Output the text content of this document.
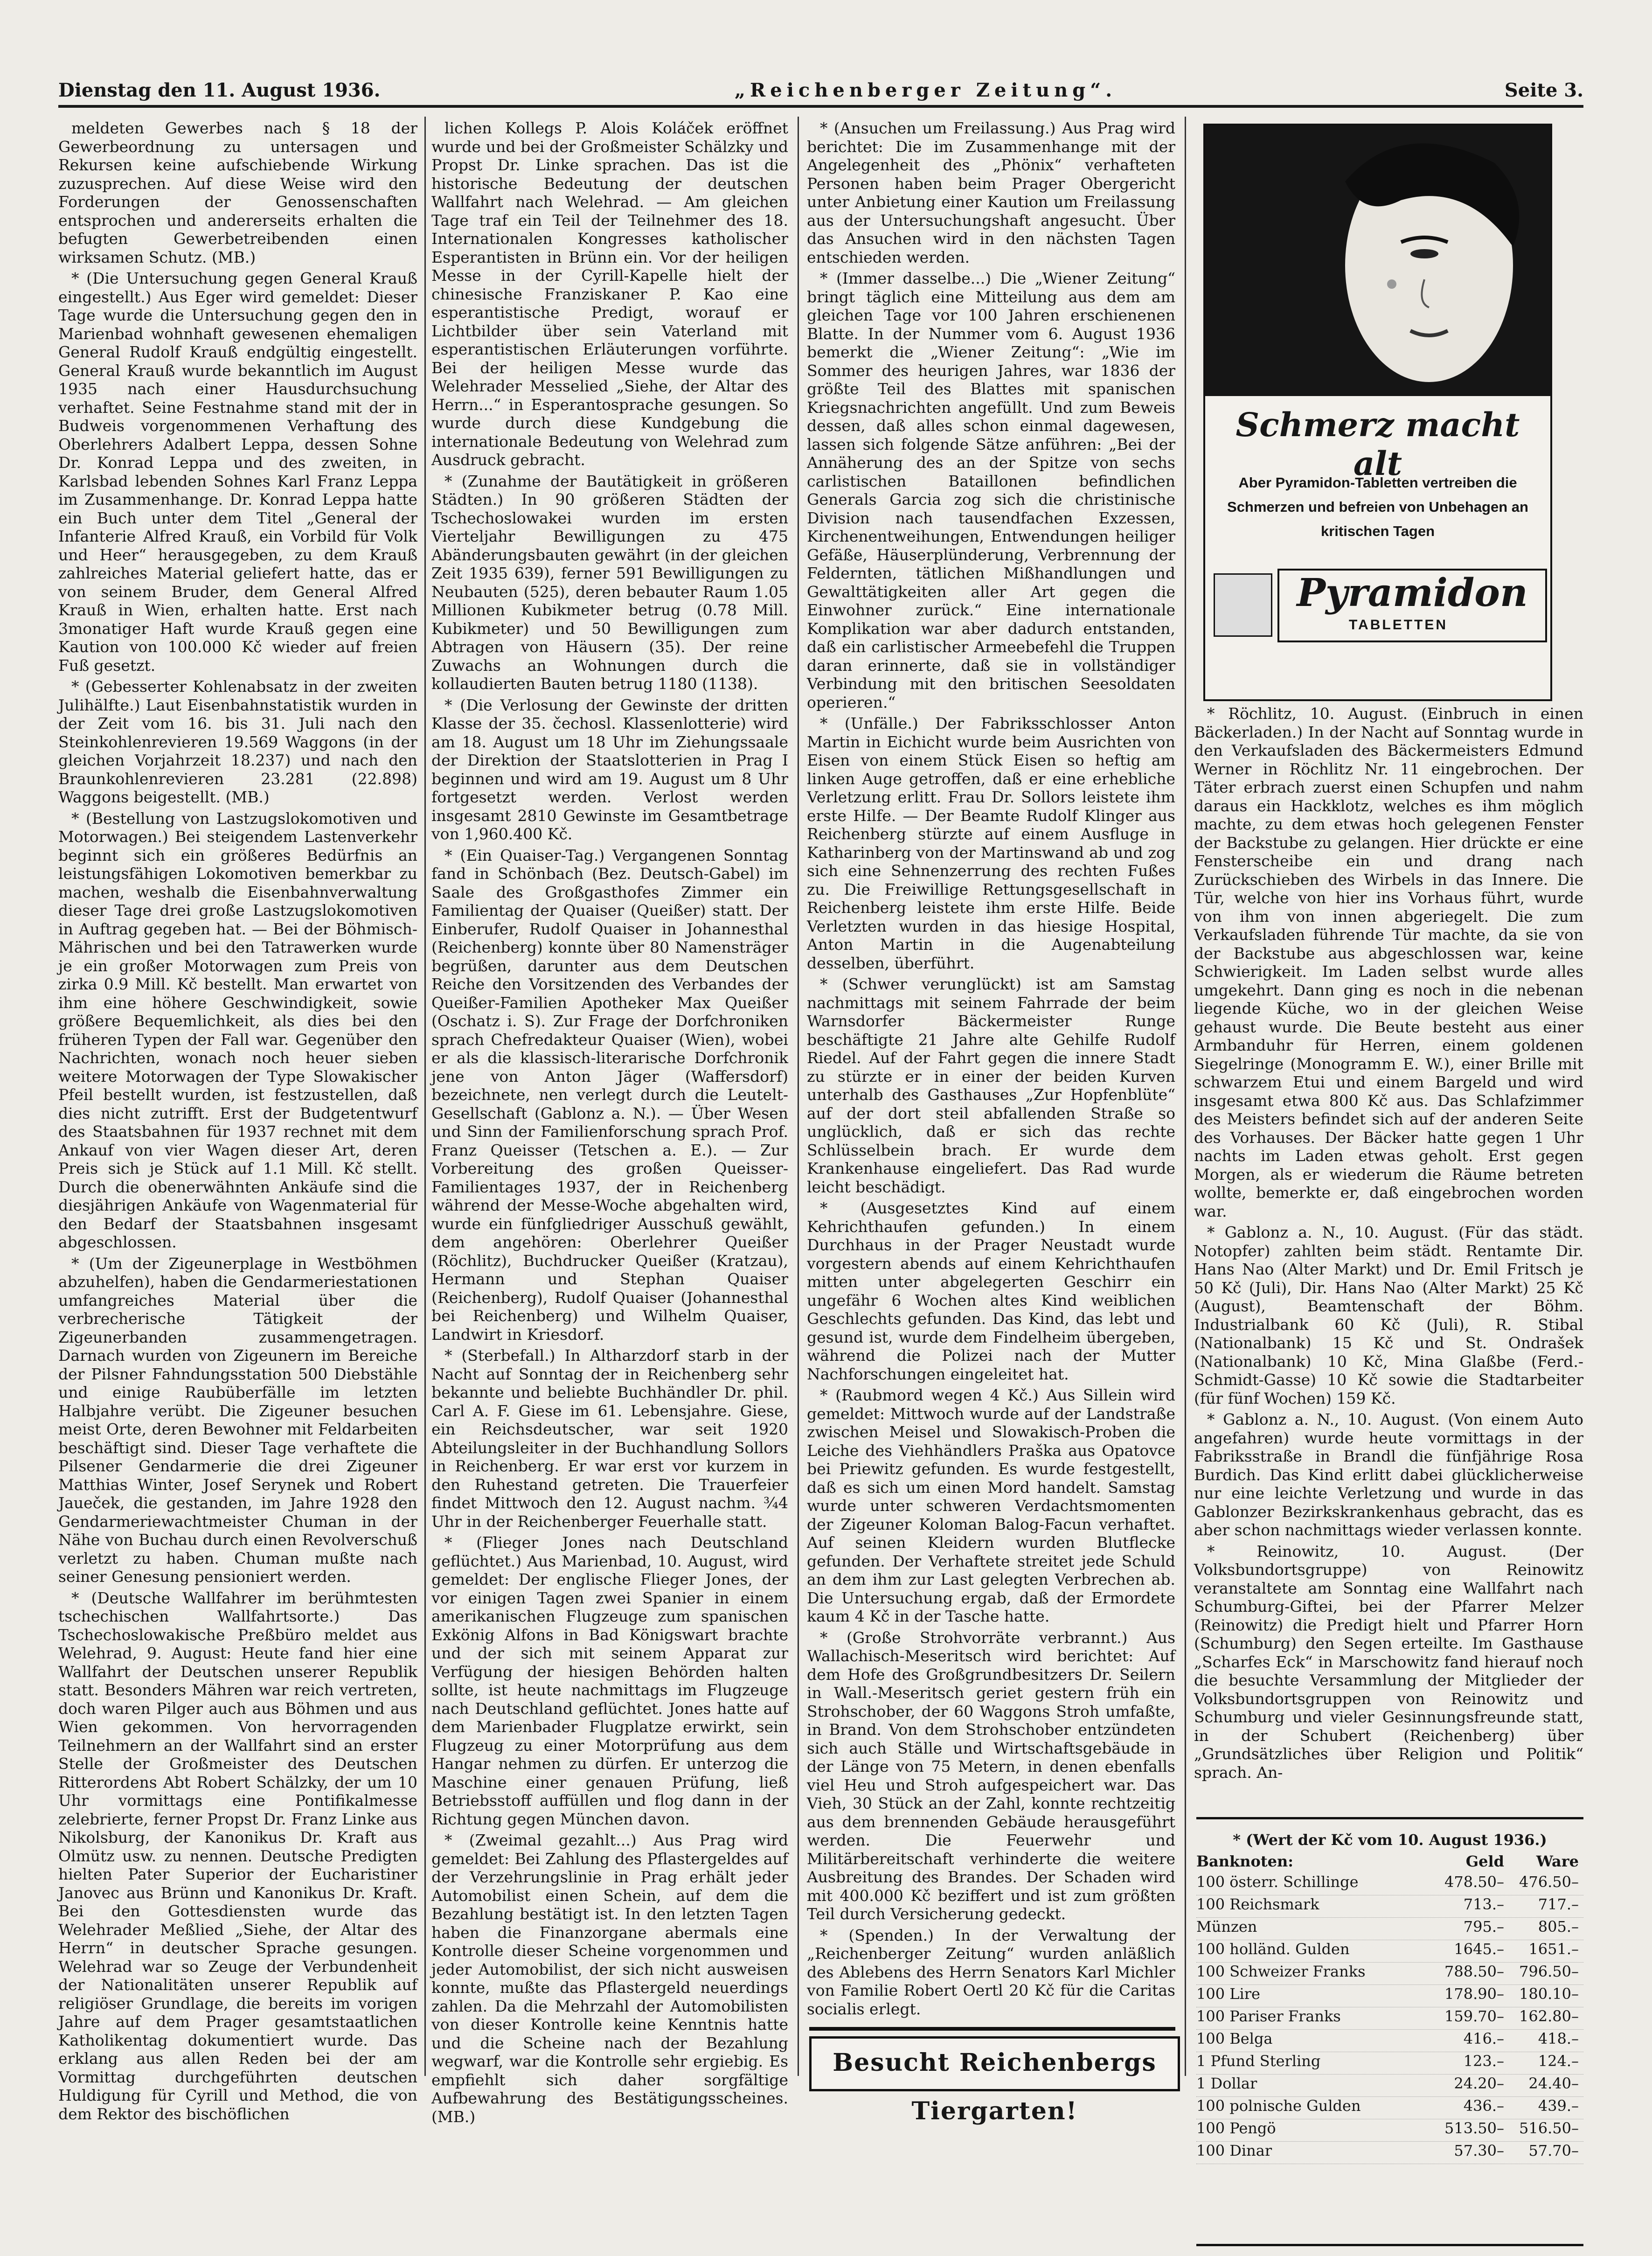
Dienstag den 11. August 1936.	„Reichenberger Zeitung“.	Seite 3.

meldeten Gewerbes nach § 18 der Gewerbeordnung zu untersagen und Rekursen keine aufschiebende Wirkung zuzusprechen. Auf diese Weise wird den Forderungen der Genossenschaften entsprochen und andererseits erhalten die befugten Gewerbetreibenden einen wirksamen Schutz. (MB.)

* (Die Untersuchung gegen General Krauß eingestellt.) Aus Eger wird gemeldet: Dieser Tage wurde die Untersuchung gegen den in Marienbad wohnhaft gewesenen ehemaligen General Rudolf Krauß endgültig eingestellt. General Krauß wurde bekanntlich im August 1935 nach einer Hausdurchsuchung verhaftet. Seine Festnahme stand mit der in Budweis vorgenommenen Verhaftung des Oberlehrers Adalbert Leppa, dessen Sohne Dr. Konrad Leppa und des zweiten, in Karlsbad lebenden Sohnes Karl Franz Leppa im Zusammenhange. Dr. Konrad Leppa hatte ein Buch unter dem Titel „General der Infanterie Alfred Krauß, ein Vorbild für Volk und Heer“ herausgegeben, zu dem Krauß zahlreiches Material geliefert hatte, das er von seinem Bruder, dem General Alfred Krauß in Wien, erhalten hatte. Erst nach 3monatiger Haft wurde Krauß gegen eine Kaution von 100.000 Kč wieder auf freien Fuß gesetzt.

* (Gebesserter Kohlenabsatz in der zweiten Julihälfte.) Laut Eisenbahnstatistik wurden in der Zeit vom 16. bis 31. Juli nach den Steinkohlenrevieren 19.569 Waggons (in der gleichen Vorjahrzeit 18.237) und nach den Braunkohlenrevieren 23.281 (22.898) Waggons beigestellt. (MB.)

* (Bestellung von Lastzugslokomotiven und Motorwagen.) Bei steigendem Lastenverkehr beginnt sich ein größeres Bedürfnis an leistungsfähigen Lokomotiven bemerkbar zu machen, weshalb die Eisenbahnverwaltung dieser Tage drei große Lastzugslokomotiven in Auftrag gegeben hat. — Bei der Böhmisch-Mährischen und bei den Tatrawerken wurde je ein großer Motorwagen zum Preis von zirka 0.9 Mill. Kč bestellt. Man erwartet von ihm eine höhere Geschwindigkeit, sowie größere Bequemlichkeit, als dies bei den früheren Typen der Fall war. Gegenüber den Nachrichten, wonach noch heuer sieben weitere Motorwagen der Type Slowakischer Pfeil bestellt wurden, ist festzustellen, daß dies nicht zutrifft. Erst der Budgetentwurf des Staatsbahnen für 1937 rechnet mit dem Ankauf von vier Wagen dieser Art, deren Preis sich je Stück auf 1.1 Mill. Kč stellt. Durch die obenerwähnten Ankäufe sind die diesjährigen Ankäufe von Wagenmaterial für den Bedarf der Staatsbahnen insgesamt abgeschlossen.

* (Um der Zigeunerplage in Westböhmen abzuhelfen), haben die Gendarmeriestationen umfangreiches Material über die verbrecherische Tätigkeit der Zigeunerbanden zusammengetragen. Darnach wurden von Zigeunern im Bereiche der Pilsner Fahndungsstation 500 Diebstähle und einige Raubüberfälle im letzten Halbjahre verübt. Die Zigeuner besuchen meist Orte, deren Bewohner mit Feldarbeiten beschäftigt sind. Dieser Tage verhaftete die Pilsener Gendarmerie die drei Zigeuner Matthias Winter, Josef Serynek und Robert Jaueček, die gestanden, im Jahre 1928 den Gendarmeriewachtmeister Chuman in der Nähe von Buchau durch einen Revolverschuß verletzt zu haben. Chuman mußte nach seiner Genesung pensioniert werden.

* (Deutsche Wallfahrer im berühmtesten tschechischen Wallfahrtsorte.) Das Tschechoslowakische Preßbüro meldet aus Welehrad, 9. August: Heute fand hier eine Wallfahrt der Deutschen unserer Republik statt. Besonders Mähren war reich vertreten, doch waren Pilger auch aus Böhmen und aus Wien gekommen. Von hervorragenden Teilnehmern an der Wallfahrt sind an erster Stelle der Großmeister des Deutschen Ritterordens Abt Robert Schälzky, der um 10 Uhr vormittags eine Pontifikalmesse zelebrierte, ferner Propst Dr. Franz Linke aus Nikolsburg, der Kanonikus Dr. Kraft aus Olmütz usw. zu nennen. Deutsche Predigten hielten Pater Superior der Eucharistiner Janovec aus Brünn und Kanonikus Dr. Kraft. Bei den Gottesdiensten wurde das Welehrader Meßlied „Siehe, der Altar des Herrn“ in deutscher Sprache gesungen. Welehrad war so Zeuge der Verbundenheit der Nationalitäten unserer Republik auf religiöser Grundlage, die bereits im vorigen Jahre auf dem Prager gesamtstaatlichen Katholikentag dokumentiert wurde. Das erklang aus allen Reden bei der am Vormittag durchgeführten deutschen Huldigung für Cyrill und Method, die von dem Rektor des bischöflichen

lichen Kollegs P. Alois Koláček eröffnet wurde und bei der Großmeister Schälzky und Propst Dr. Linke sprachen. Das ist die historische Bedeutung der deutschen Wallfahrt nach Welehrad. — Am gleichen Tage traf ein Teil der Teilnehmer des 18. Internationalen Kongresses katholischer Esperantisten in Brünn ein. Vor der heiligen Messe in der Cyrill-Kapelle hielt der chinesische Franziskaner P. Kao eine esperantistische Predigt, worauf er Lichtbilder über sein Vaterland mit esperantistischen Erläuterungen vorführte. Bei der heiligen Messe wurde das Welehrader Messelied „Siehe, der Altar des Herrn...“ in Esperantosprache gesungen. So wurde durch diese Kundgebung die internationale Bedeutung von Welehrad zum Ausdruck gebracht.

* (Zunahme der Bautätigkeit in größeren Städten.) In 90 größeren Städten der Tschechoslowakei wurden im ersten Vierteljahr Bewilligungen zu 475 Abänderungsbauten gewährt (in der gleichen Zeit 1935 639), ferner 591 Bewilligungen zu Neubauten (525), deren bebauter Raum 1.05 Millionen Kubikmeter betrug (0.78 Mill. Kubikmeter) und 50 Bewilligungen zum Abtragen von Häusern (35). Der reine Zuwachs an Wohnungen durch die kollaudierten Bauten betrug 1180 (1138).

* (Die Verlosung der Gewinste der dritten Klasse der 35. čechosl. Klassenlotterie) wird am 18. August um 18 Uhr im Ziehungssaale der Direktion der Staatslotterien in Prag I beginnen und wird am 19. August um 8 Uhr fortgesetzt werden. Verlost werden insgesamt 2810 Gewinste im Gesamtbetrage von 1,960.400 Kč.

* (Ein Quaiser-Tag.) Vergangenen Sonntag fand in Schönbach (Bez. Deutsch-Gabel) im Saale des Großgasthofes Zimmer ein Familientag der Quaiser (Queißer) statt. Der Einberufer, Rudolf Quaiser in Johannesthal (Reichenberg) konnte über 80 Namensträger begrüßen, darunter aus dem Deutschen Reiche den Vorsitzenden des Verbandes der Queißer-Familien Apotheker Max Queißer (Oschatz i. S). Zur Frage der Dorfchroniken sprach Chefredakteur Quaiser (Wien), wobei er als die klassisch-literarische Dorfchronik jene von Anton Jäger (Waffersdorf) bezeichnete, nen verlegt durch die Leutelt-Gesellschaft (Gablonz a. N.). — Über Wesen und Sinn der Familienforschung sprach Prof. Franz Queisser (Tetschen a. E.). — Zur Vorbereitung des großen Queisser-Familientages 1937, der in Reichenberg während der Messe-Woche abgehalten wird, wurde ein fünfgliedriger Ausschuß gewählt, dem angehören: Oberlehrer Queißer (Röchlitz), Buchdrucker Queißer (Kratzau), Hermann und Stephan Quaiser (Reichenberg), Rudolf Quaiser (Johannesthal bei Reichenberg) und Wilhelm Quaiser, Landwirt in Kriesdorf.

* (Sterbefall.) In Altharzdorf starb in der Nacht auf Sonntag der in Reichenberg sehr bekannte und beliebte Buchhändler Dr. phil. Carl A. F. Giese im 61. Lebensjahre. Giese, ein Reichsdeutscher, war seit 1920 Abteilungsleiter in der Buchhandlung Sollors in Reichenberg. Er war erst vor kurzem in den Ruhestand getreten. Die Trauerfeier findet Mittwoch den 12. August nachm. ¾4 Uhr in der Reichenberger Feuerhalle statt.

* (Flieger Jones nach Deutschland geflüchtet.) Aus Marienbad, 10. August, wird gemeldet: Der englische Flieger Jones, der vor einigen Tagen zwei Spanier in einem amerikanischen Flugzeuge zum spanischen Exkönig Alfons in Bad Königswart brachte und der sich mit seinem Apparat zur Verfügung der hiesigen Behörden halten sollte, ist heute nachmittags im Flugzeuge nach Deutschland geflüchtet. Jones hatte auf dem Marienbader Flugplatze erwirkt, sein Flugzeug zu einer Motorprüfung aus dem Hangar nehmen zu dürfen. Er unterzog die Maschine einer genauen Prüfung, ließ Betriebsstoff auffüllen und flog dann in der Richtung gegen München davon.

* (Zweimal gezahlt...) Aus Prag wird gemeldet: Bei Zahlung des Pflastergeldes auf der Verzehrungslinie in Prag erhält jeder Automobilist einen Schein, auf dem die Bezahlung bestätigt ist. In den letzten Tagen haben die Finanzorgane abermals eine Kontrolle dieser Scheine vorgenommen und jeder Automobilist, der sich nicht ausweisen konnte, mußte das Pflastergeld neuerdings zahlen. Da die Mehrzahl der Automobilisten von dieser Kontrolle keine Kenntnis hatte und die Scheine nach der Bezahlung wegwarf, war die Kontrolle sehr ergiebig. Es empfiehlt sich daher sorgfältige Aufbewahrung des Bestätigungsscheines. (MB.)

* (Ansuchen um Freilassung.) Aus Prag wird berichtet: Die im Zusammenhange mit der Angelegenheit des „Phönix“ verhafteten Personen haben beim Prager Obergericht unter Anbietung einer Kaution um Freilassung aus der Untersuchungshaft angesucht. Über das Ansuchen wird in den nächsten Tagen entschieden werden.

* (Immer dasselbe...) Die „Wiener Zeitung“ bringt täglich eine Mitteilung aus dem am gleichen Tage vor 100 Jahren erschienenen Blatte. In der Nummer vom 6. August 1936 bemerkt die „Wiener Zeitung“: „Wie im Sommer des heurigen Jahres, war 1836 der größte Teil des Blattes mit spanischen Kriegsnachrichten angefüllt. Und zum Beweis dessen, daß alles schon einmal dagewesen, lassen sich folgende Sätze anführen: „Bei der Annäherung des an der Spitze von sechs carlistischen Bataillonen befindlichen Generals Garcia zog sich die christinische Division nach tausendfachen Exzessen, Kirchenentweihungen, Entwendungen heiliger Gefäße, Häuserplünderung, Verbrennung der Feldernten, tätlichen Mißhandlungen und Gewalttätigkeiten aller Art gegen die Einwohner zurück.“ Eine internationale Komplikation war aber dadurch entstanden, daß ein carlistischer Armeebefehl die Truppen daran erinnerte, daß sie in vollständiger Verbindung mit den britischen Seesoldaten operieren.“

* (Unfälle.) Der Fabriksschlosser Anton Martin in Eichicht wurde beim Ausrichten von Eisen von einem Stück Eisen so heftig am linken Auge getroffen, daß er eine erhebliche Verletzung erlitt. Frau Dr. Sollors leistete ihm erste Hilfe. — Der Beamte Rudolf Klinger aus Reichenberg stürzte auf einem Ausfluge in Katharinberg von der Martinswand ab und zog sich eine Sehnenzerrung des rechten Fußes zu. Die Freiwillige Rettungsgesellschaft in Reichenberg leistete ihm erste Hilfe. Beide Verletzten wurden in das hiesige Hospital, Anton Martin in die Augenabteilung desselben, überführt.

* (Schwer verunglückt) ist am Samstag nachmittags mit seinem Fahrrade der beim Warnsdorfer Bäckermeister Runge beschäftigte 21 Jahre alte Gehilfe Rudolf Riedel. Auf der Fahrt gegen die innere Stadt zu stürzte er in einer der beiden Kurven unterhalb des Gasthauses „Zur Hopfenblüte“ auf der dort steil abfallenden Straße so unglücklich, daß er sich das rechte Schlüsselbein brach. Er wurde dem Krankenhause eingeliefert. Das Rad wurde leicht beschädigt.

* (Ausgesetztes Kind auf einem Kehrichthaufen gefunden.) In einem Durchhaus in der Prager Neustadt wurde vorgestern abends auf einem Kehrichthaufen mitten unter abgelegerten Geschirr ein ungefähr 6 Wochen altes Kind weiblichen Geschlechts gefunden. Das Kind, das lebt und gesund ist, wurde dem Findelheim übergeben, während die Polizei nach der Mutter Nachforschungen eingeleitet hat.

* (Raubmord wegen 4 Kč.) Aus Sillein wird gemeldet: Mittwoch wurde auf der Landstraße zwischen Meisel und Slowakisch-Proben die Leiche des Viehhändlers Praška aus Opatovce bei Priewitz gefunden. Es wurde festgestellt, daß es sich um einen Mord handelt. Samstag wurde unter schweren Verdachtsmomenten der Zigeuner Koloman Balog-Facun verhaftet. Auf seinen Kleidern wurden Blutflecke gefunden. Der Verhaftete streitet jede Schuld an dem ihm zur Last gelegten Verbrechen ab. Die Untersuchung ergab, daß der Ermordete kaum 4 Kč in der Tasche hatte.

* (Große Strohvorräte verbrannt.) Aus Wallachisch-Meseritsch wird berichtet: Auf dem Hofe des Großgrundbesitzers Dr. Seilern in Wall.-Meseritsch geriet gestern früh ein Strohschober, der 60 Waggons Stroh umfaßte, in Brand. Von dem Strohschober entzündeten sich auch Ställe und Wirtschaftsgebäude in der Länge von 75 Metern, in denen ebenfalls viel Heu und Stroh aufgespeichert war. Das Vieh, 30 Stück an der Zahl, konnte rechtzeitig aus dem brennenden Gebäude herausgeführt werden. Die Feuerwehr und Militärbereitschaft verhinderte die weitere Ausbreitung des Brandes. Der Schaden wird mit 400.000 Kč beziffert und ist zum größten Teil durch Versicherung gedeckt.

* (Spenden.) In der Verwaltung der „Reichenberger Zeitung“ wurden anläßlich des Ablebens des Herrn Senators Karl Michler von Familie Robert Oertl 20 Kč für die Caritas socialis erlegt.

Besucht Reichenbergs Tiergarten!
Schmerz macht alt
Aber Pyramidon-Tabletten vertreiben die Schmerzen und befreien von Unbehagen an kritischen Tagen
Pyramidon
TABLETTEN

* Röchlitz, 10. August. (Einbruch in einen Bäckerladen.) In der Nacht auf Sonntag wurde in den Verkaufsladen des Bäckermeisters Edmund Werner in Röchlitz Nr. 11 eingebrochen. Der Täter erbrach zuerst einen Schupfen und nahm daraus ein Hackklotz, welches es ihm möglich machte, zu dem etwas hoch gelegenen Fenster der Backstube zu gelangen. Hier drückte er eine Fensterscheibe ein und drang nach Zurückschieben des Wirbels in das Innere. Die Tür, welche von hier ins Vorhaus führt, wurde von ihm von innen abgeriegelt. Die zum Verkaufsladen führende Tür machte, da sie von der Backstube aus abgeschlossen war, keine Schwierigkeit. Im Laden selbst wurde alles umgekehrt. Dann ging es noch in die nebenan liegende Küche, wo in der gleichen Weise gehaust wurde. Die Beute besteht aus einer Armbanduhr für Herren, einem goldenen Siegelringe (Monogramm E. W.), einer Brille mit schwarzem Etui und einem Bargeld und wird insgesamt etwa 800 Kč aus. Das Schlafzimmer des Meisters befindet sich auf der anderen Seite des Vorhauses. Der Bäcker hatte gegen 1 Uhr nachts im Laden etwas geholt. Erst gegen Morgen, als er wiederum die Räume betreten wollte, bemerkte er, daß eingebrochen worden war.

* Gablonz a. N., 10. August. (Für das städt. Notopfer) zahlten beim städt. Rentamte Dir. Hans Nao (Alter Markt) und Dr. Emil Fritsch je 50 Kč (Juli), Dir. Hans Nao (Alter Markt) 25 Kč (August), Beamtenschaft der Böhm. Industrialbank 60 Kč (Juli), R. Stibal (Nationalbank) 15 Kč und St. Ondrašek (Nationalbank) 10 Kč, Mina Glaßbe (Ferd.-Schmidt-Gasse) 10 Kč sowie die Stadtarbeiter (für fünf Wochen) 159 Kč.

* Gablonz a. N., 10. August. (Von einem Auto angefahren) wurde heute vormittags in der Fabriksstraße in Brandl die fünfjährige Rosa Burdich. Das Kind erlitt dabei glücklicherweise nur eine leichte Verletzung und wurde in das Gablonzer Bezirkskrankenhaus gebracht, das es aber schon nachmittags wieder verlassen konnte.

* Reinowitz, 10. August. (Der Volksbundortsgruppe) von Reinowitz veranstaltete am Sonntag eine Wallfahrt nach Schumburg-Giftei, bei der Pfarrer Melzer (Reinowitz) die Predigt hielt und Pfarrer Horn (Schumburg) den Segen erteilte. Im Gasthause „Scharfes Eck“ in Marschowitz fand hierauf noch die besuchte Versammlung der Mitglieder der Volksbundortsgruppen von Reinowitz und Schumburg und vieler Gesinnungsfreunde statt, in der Schubert (Reichenberg) über „Grundsätzliches über Religion und Politik“ sprach. An-

* (Wert der Kč vom 10. August 1936.)
Banknoten:	Geld	Ware
100 österr. Schillinge	478.50–	476.50–
100 Reichsmark	713.–	717.–
Münzen	795.–	805.–
100 holländ. Gulden	1645.–	1651.–
100 Schweizer Franks	788.50–	796.50–
100 Lire	178.90–	180.10–
100 Pariser Franks	159.70–	162.80–
100 Belga	416.–	418.–
1 Pfund Sterling	123.–	124.–
1 Dollar	24.20–	24.40–
100 polnische Gulden	436.–	439.–
100 Pengö	513.50–	516.50–
100 Dinar	57.30–	57.70–
